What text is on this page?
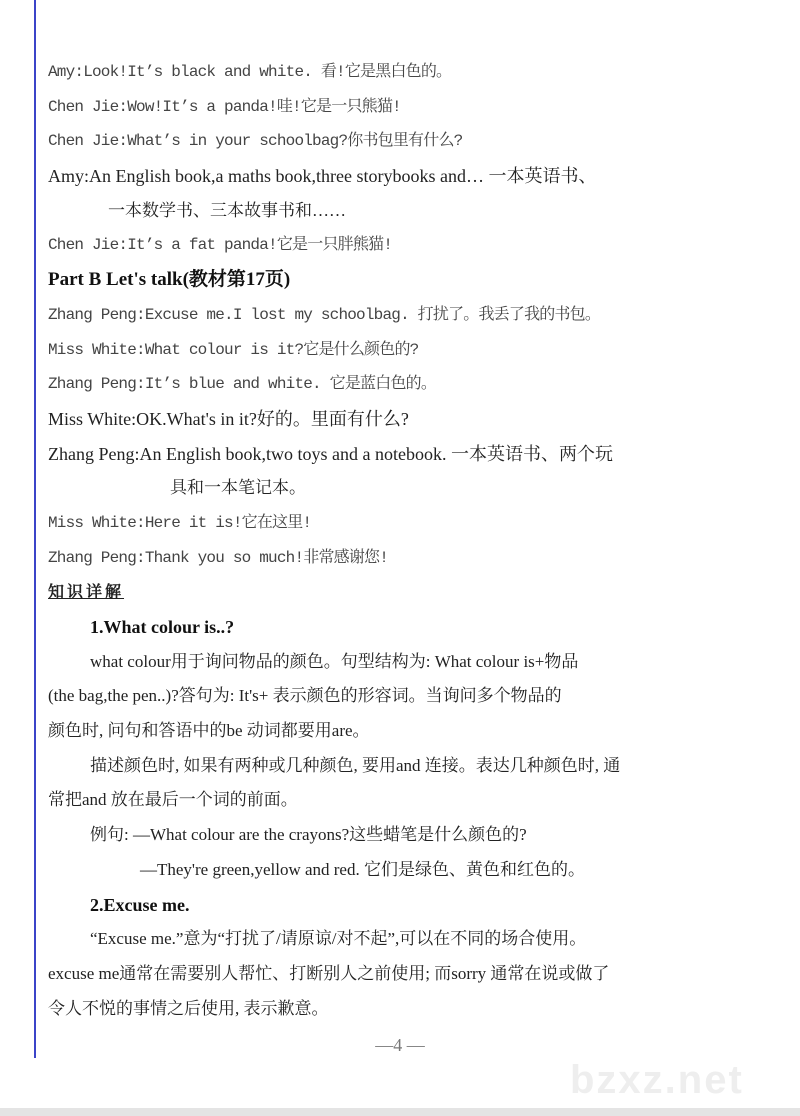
bzxz.net
Amy:Look!It’s black and white. 看!它是黑白色的。
Chen Jie:Wow!It’s a panda!哇!它是一只熊猫!
Chen Jie:What’s in your schoolbag?你书包里有什么?
Amy:An English book,a maths book,three storybooks and… 一本英语书、
一本数学书、三本故事书和……
Chen Jie:It’s a fat panda!它是一只胖熊猫!
Part B Let's talk(教材第17页)
Zhang Peng:Excuse me.I lost my schoolbag. 打扰了。我丢了我的书包。
Miss White:What colour is it?它是什么颜色的?
Zhang Peng:It’s blue and white. 它是蓝白色的。
Miss White:OK.What's in it?好的。里面有什么?
Zhang Peng:An English book,two toys and a notebook. 一本英语书、两个玩
具和一本笔记本。
Miss White:Here it is!它在这里!
Zhang Peng:Thank you so much!非常感谢您!
知识详解
1.What colour is..?
what colour用于询问物品的颜色。句型结构为: What colour is+物品
(the bag,the pen..)?答句为: It's+ 表示颜色的形容词。当询问多个物品的
颜色时, 问句和答语中的be 动词都要用are。
描述颜色时, 如果有两种或几种颜色, 要用and 连接。表达几种颜色时, 通
常把and 放在最后一个词的前面。
例句: —What colour are the crayons?这些蜡笔是什么颜色的?
—They're green,yellow and red. 它们是绿色、黄色和红色的。
2.Excuse me.
“Excuse me.”意为“打扰了/请原谅/对不起”,可以在不同的场合使用。
excuse me通常在需要别人帮忙、打断别人之前使用; 而sorry 通常在说或做了
令人不悦的事情之后使用, 表示歉意。
—4 —
